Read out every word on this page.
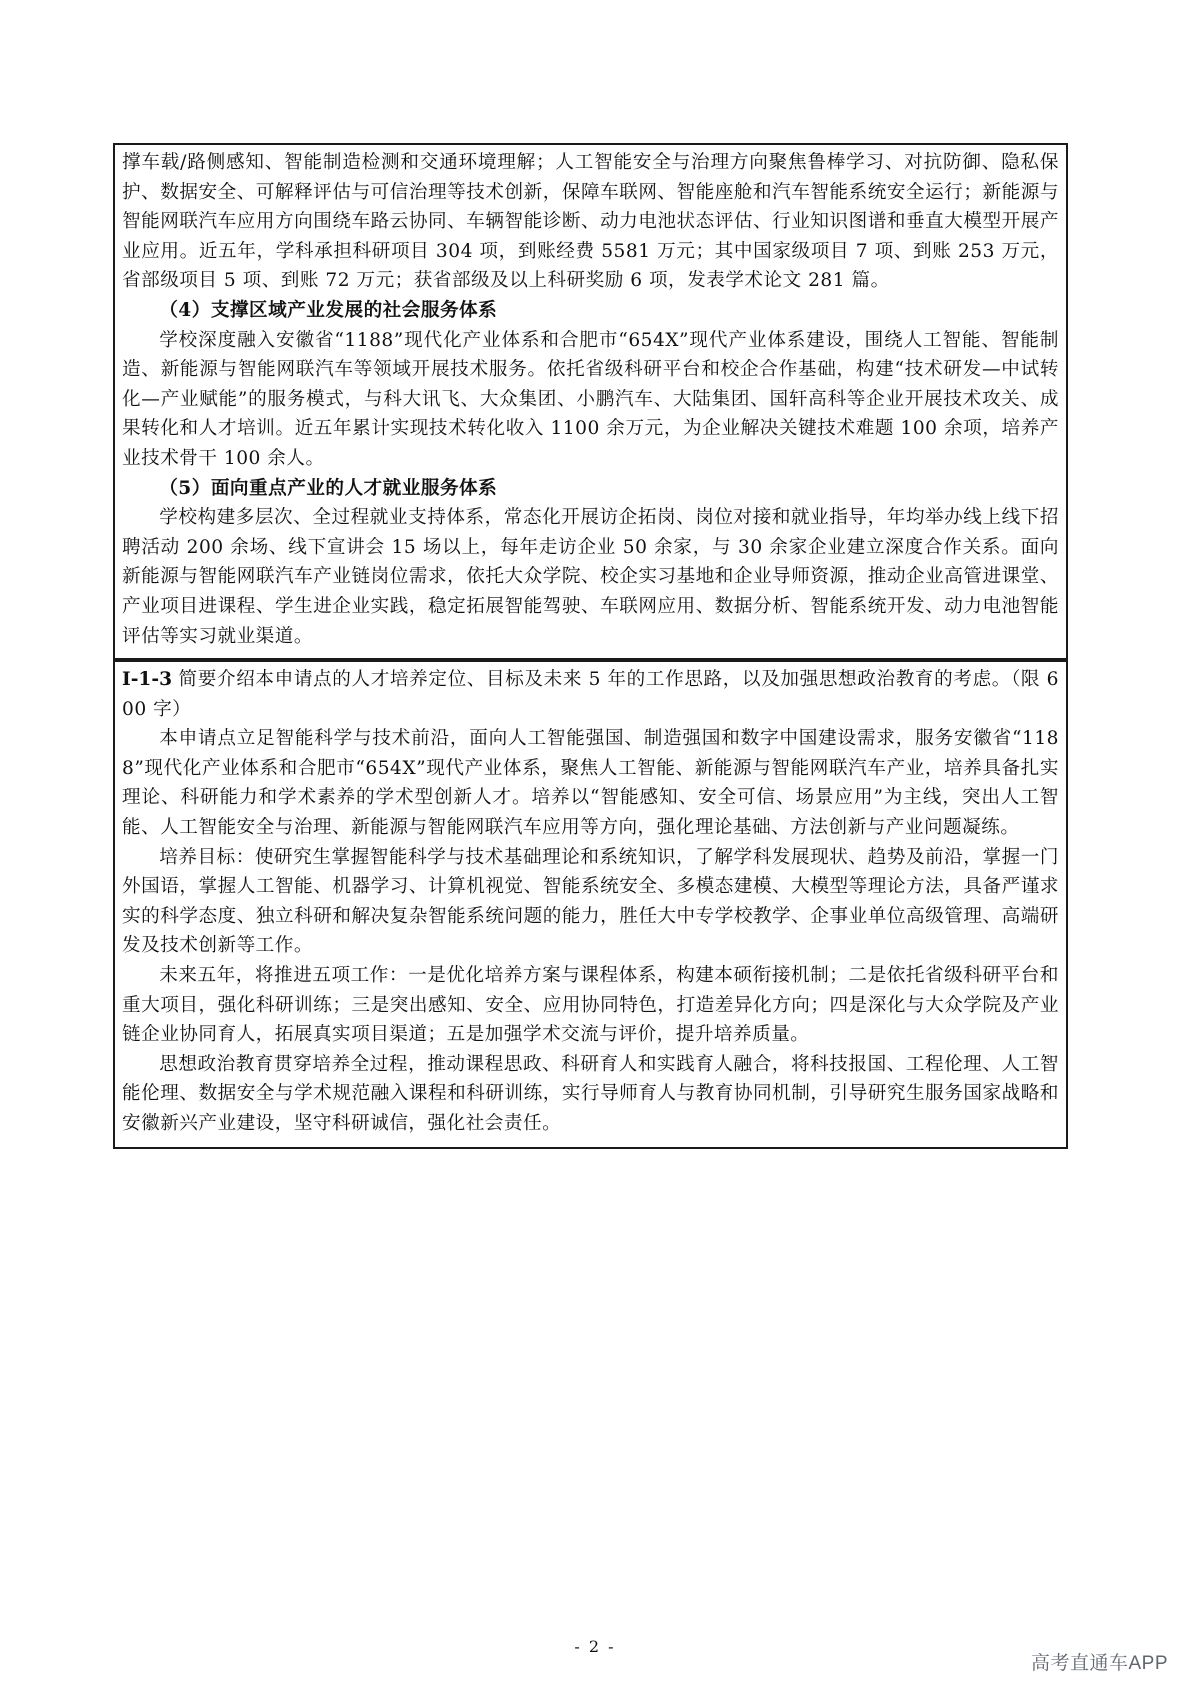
撑车载/路侧感知、智能制造检测和交通环境理解；人工智能安全与治理方向聚焦鲁棒学习、对抗防御、隐私保护、数据安全、可解释评估与可信治理等技术创新，保障车联网、智能座舱和汽车智能系统安全运行；新能源与智能网联汽车应用方向围绕车路云协同、车辆智能诊断、动力电池状态评估、行业知识图谱和垂直大模型开展产业应用。近五年，学科承担科研项目 304 项，到账经费 5581 万元；其中国家级项目 7 项、到账 253 万元，省部级项目 5 项、到账 72 万元；获省部级及以上科研奖励 6 项，发表学术论文 281 篇。

（4）支撑区域产业发展的社会服务体系

学校深度融入安徽省“1188”现代化产业体系和合肥市“654X”现代产业体系建设，围绕人工智能、智能制造、新能源与智能网联汽车等领域开展技术服务。依托省级科研平台和校企合作基础，构建“技术研发—中试转化—产业赋能”的服务模式，与科大讯飞、大众集团、小鹏汽车、大陆集团、国轩高科等企业开展技术攻关、成果转化和人才培训。近五年累计实现技术转化收入 1100 余万元，为企业解决关键技术难题 100 余项，培养产业技术骨干 100 余人。

（5）面向重点产业的人才就业服务体系

学校构建多层次、全过程就业支持体系，常态化开展访企拓岗、岗位对接和就业指导，年均举办线上线下招聘活动 200 余场、线下宣讲会 15 场以上，每年走访企业 50 余家，与 30 余家企业建立深度合作关系。面向新能源与智能网联汽车产业链岗位需求，依托大众学院、校企实习基地和企业导师资源，推动企业高管进课堂、产业项目进课程、学生进企业实践，稳定拓展智能驾驶、车联网应用、数据分析、智能系统开发、动力电池智能评估等实习就业渠道。

I-1-3 简要介绍本申请点的人才培养定位、目标及未来 5 年的工作思路，以及加强思想政治教育的考虑。（限 600 字）

本申请点立足智能科学与技术前沿，面向人工智能强国、制造强国和数字中国建设需求，服务安徽省“1188”现代化产业体系和合肥市“654X”现代产业体系，聚焦人工智能、新能源与智能网联汽车产业，培养具备扎实理论、科研能力和学术素养的学术型创新人才。培养以“智能感知、安全可信、场景应用”为主线，突出人工智能、人工智能安全与治理、新能源与智能网联汽车应用等方向，强化理论基础、方法创新与产业问题凝练。

培养目标：使研究生掌握智能科学与技术基础理论和系统知识，了解学科发展现状、趋势及前沿，掌握一门外国语，掌握人工智能、机器学习、计算机视觉、智能系统安全、多模态建模、大模型等理论方法，具备严谨求实的科学态度、独立科研和解决复杂智能系统问题的能力，胜任大中专学校教学、企事业单位高级管理、高端研发及技术创新等工作。

未来五年，将推进五项工作：一是优化培养方案与课程体系，构建本硕衔接机制；二是依托省级科研平台和重大项目，强化科研训练；三是突出感知、安全、应用协同特色，打造差异化方向；四是深化与大众学院及产业链企业协同育人，拓展真实项目渠道；五是加强学术交流与评价，提升培养质量。

思想政治教育贯穿培养全过程，推动课程思政、科研育人和实践育人融合，将科技报国、工程伦理、人工智能伦理、数据安全与学术规范融入课程和科研训练，实行导师育人与教育协同机制，引导研究生服务国家战略和安徽新兴产业建设，坚守科研诚信，强化社会责任。

- 2 -
高考直通车APP
